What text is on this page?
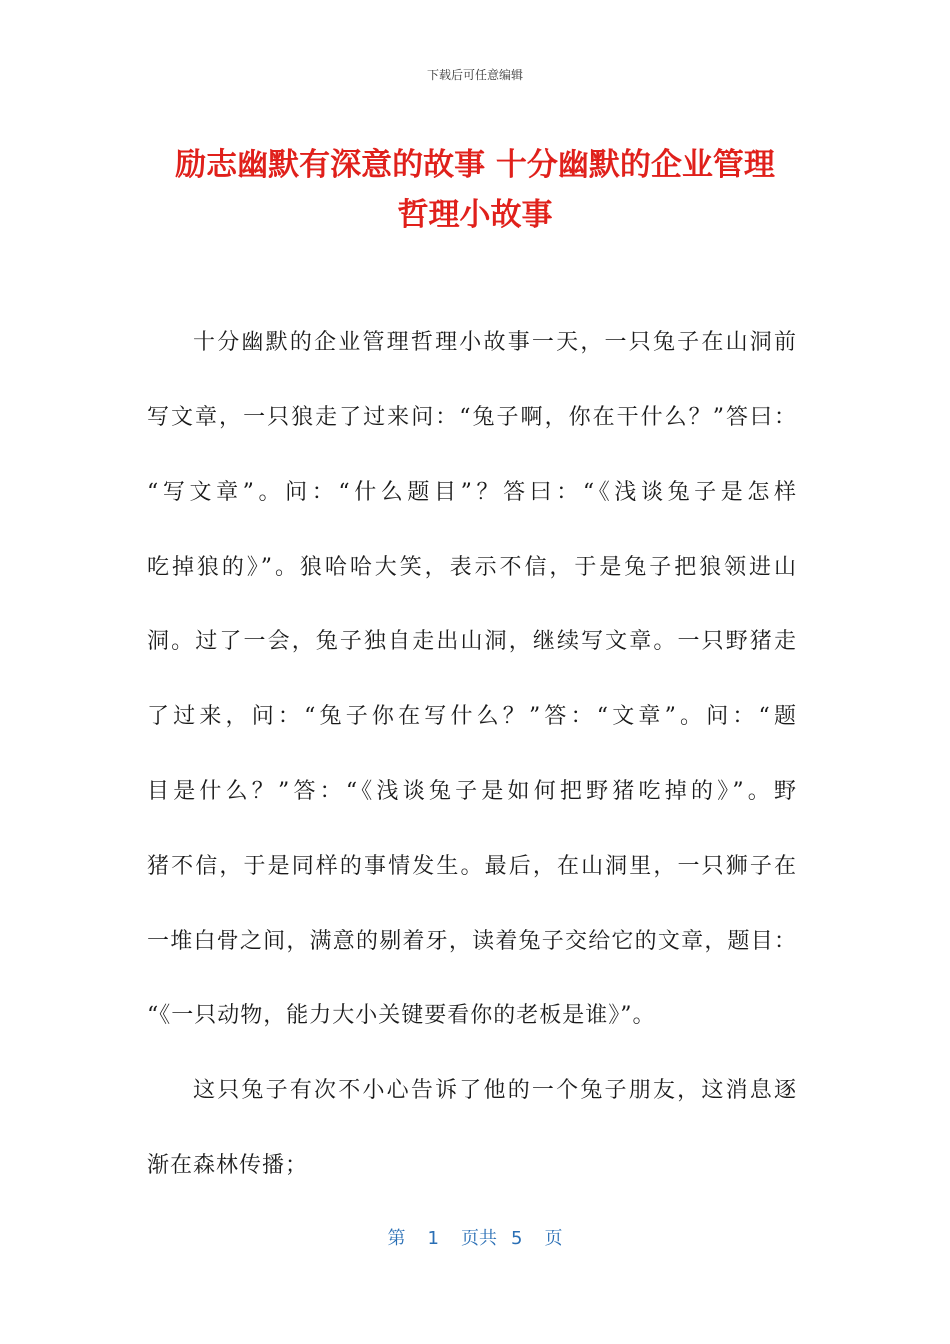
下载后可任意编辑
励志幽默有深意的故事 十分幽默的企业管理
哲理小故事
十分幽默的企业管理哲理小故事一天，一只兔子在山洞前
写文章，一只狼走了过来问：“兔子啊，你在干什么？”答曰：
“写文章”。问：“什么题目”？答曰：“《浅谈兔子是怎样
吃掉狼的》”。狼哈哈大笑，表示不信，于是兔子把狼领进山
洞。过了一会，兔子独自走出山洞，继续写文章。一只野猪走
了过来，问：“兔子你在写什么？”答：“文章”。问：“题
目是什么？”答：“《浅谈兔子是如何把野猪吃掉的》”。野
猪不信，于是同样的事情发生。最后，在山洞里，一只狮子在
一堆白骨之间，满意的剔着牙，读着兔子交给它的文章，题目：
“《一只动物，能力大小关键要看你的老板是谁》”。
这只兔子有次不小心告诉了他的一个兔子朋友，这消息逐
渐在森林传播；
第 1 页共 5 页
